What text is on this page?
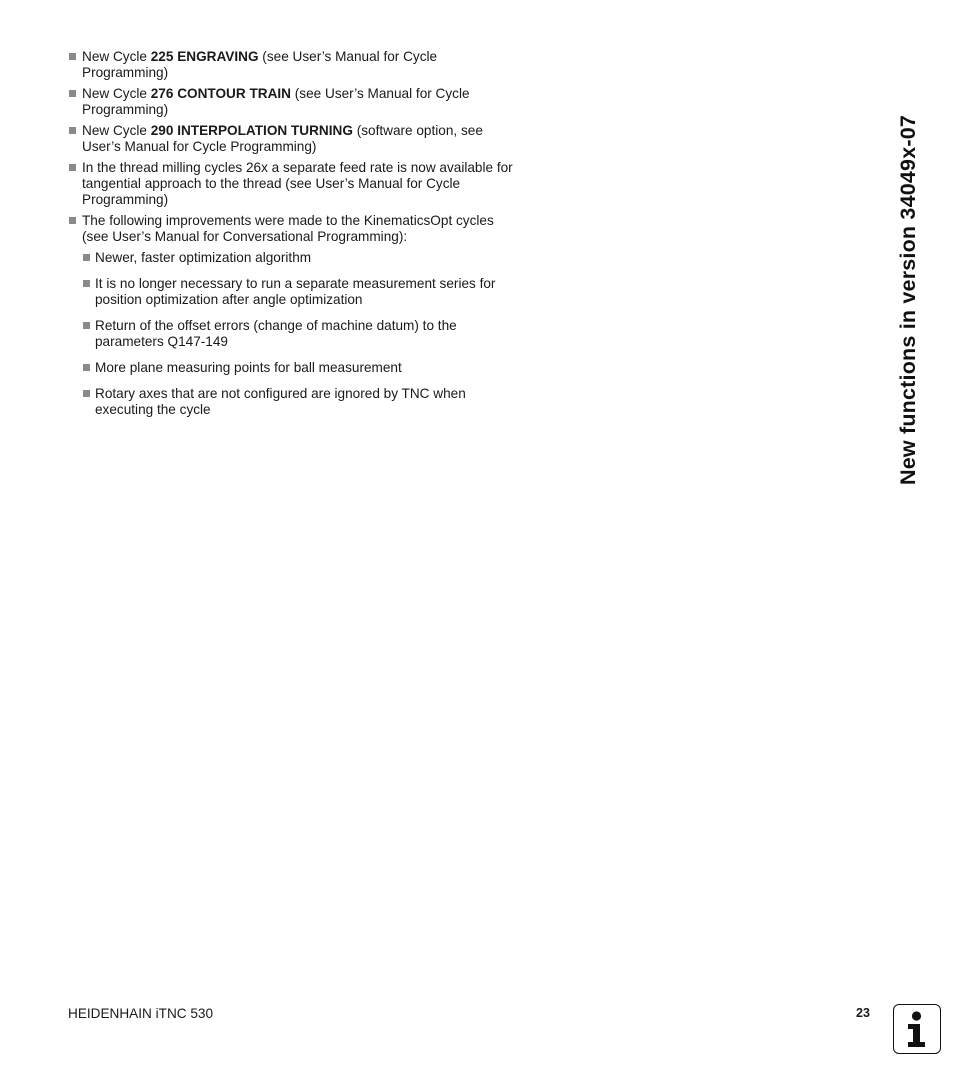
New Cycle 225 ENGRAVING (see User’s Manual for Cycle Programming)
New Cycle 276 CONTOUR TRAIN (see User’s Manual for Cycle Programming)
New Cycle 290 INTERPOLATION TURNING (software option, see User’s Manual for Cycle Programming)
In the thread milling cycles 26x a separate feed rate is now available for tangential approach to the thread (see User’s Manual for Cycle Programming)
The following improvements were made to the KinematicsOpt cycles (see User’s Manual for Conversational Programming):
Newer, faster optimization algorithm
It is no longer necessary to run a separate measurement series for position optimization after angle optimization
Return of the offset errors (change of machine datum) to the parameters Q147-149
More plane measuring points for ball measurement
Rotary axes that are not configured are ignored by TNC when executing the cycle	New functions in version 34049x-07
HEIDENHAIN iTNC 530	23
